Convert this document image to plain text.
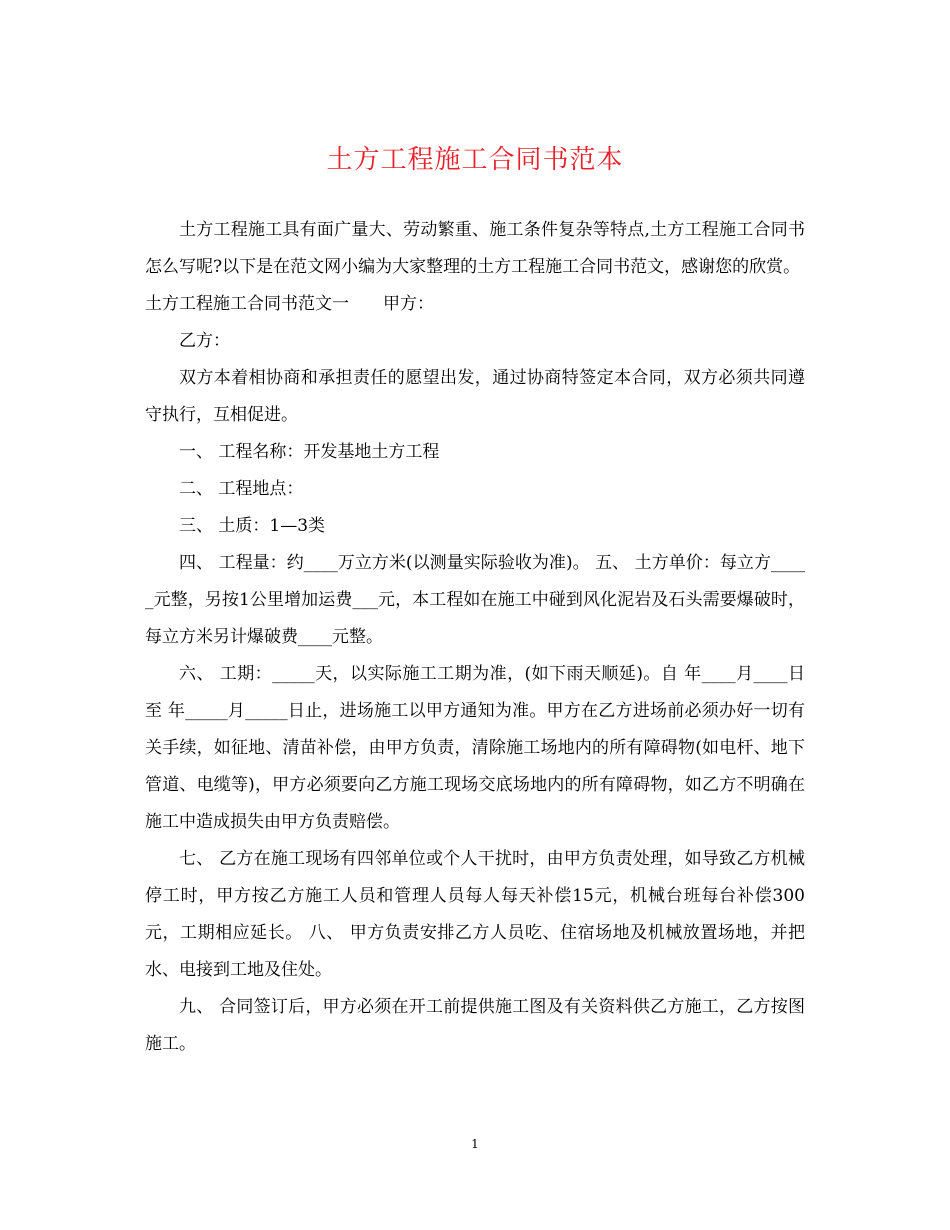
土方工程施工合同书范本

土方工程施工具有面广量大、劳动繁重、施工条件复杂等特点,土方工程施工合同书怎么写呢?以下是在范文网小编为大家整理的土方工程施工合同书范文，感谢您的欣赏。

土方工程施工合同书范文一　　甲方：

乙方：

双方本着相协商和承担责任的愿望出发，通过协商特签定本合同，双方必须共同遵守执行，互相促进。

一、 工程名称：开发基地土方工程

二、 工程地点：

三、 土质：1—3类

四、 工程量：约____万立方米(以测量实际验收为准)。 五、 土方单价：每立方_____元整，另按1公里增加运费___元，本工程如在施工中碰到风化泥岩及石头需要爆破时，每立方米另计爆破费____元整。

六、 工期：_____天，以实际施工工期为准，(如下雨天顺延)。自 年____月____日至 年_____月_____日止，进场施工以甲方通知为准。甲方在乙方进场前必须办好一切有关手续，如征地、清苗补偿，由甲方负责，清除施工场地内的所有障碍物(如电杆、地下管道、电缆等)，甲方必须要向乙方施工现场交底场地内的所有障碍物，如乙方不明确在施工中造成损失由甲方负责赔偿。

七、 乙方在施工现场有四邻单位或个人干扰时，由甲方负责处理，如导致乙方机械停工时，甲方按乙方施工人员和管理人员每人每天补偿15元，机械台班每台补偿300元，工期相应延长。 八、 甲方负责安排乙方人员吃、住宿场地及机械放置场地，并把水、电接到工地及住处。

九、 合同签订后，甲方必须在开工前提供施工图及有关资料供乙方施工，乙方按图施工。

1
